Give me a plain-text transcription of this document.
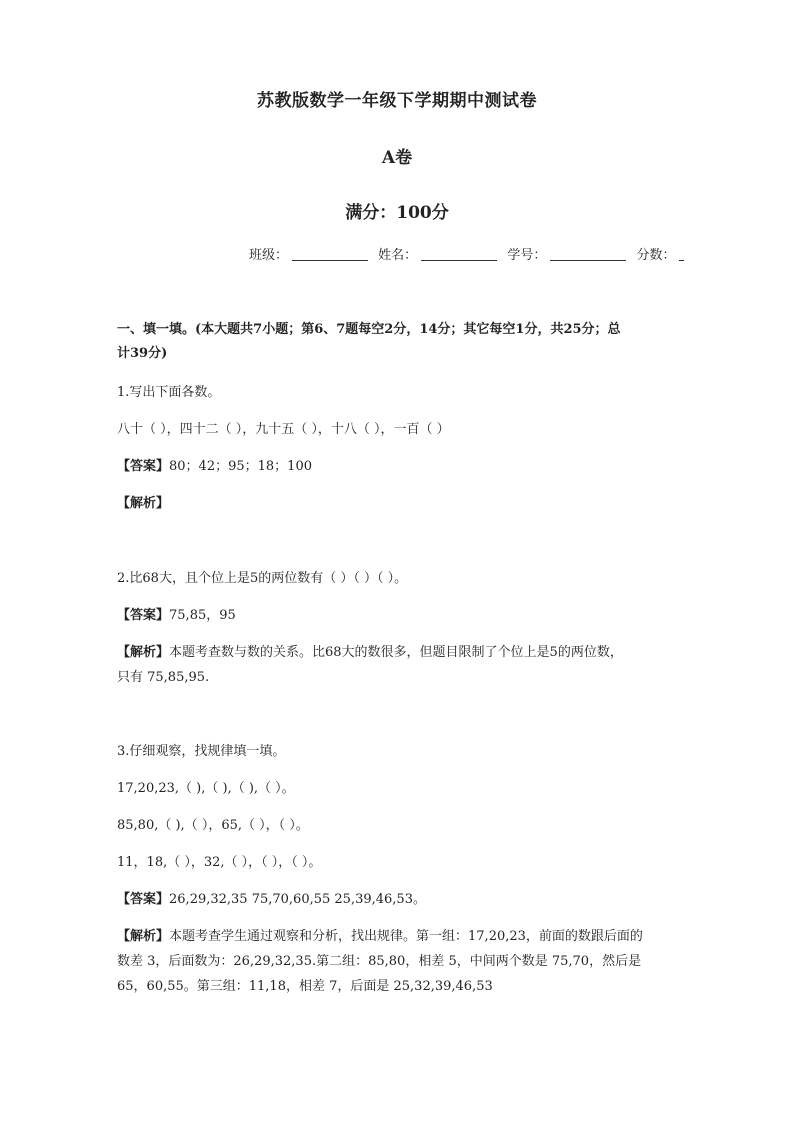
苏教版数学一年级下学期期中测试卷
A卷
满分：100分
班级：	姓名：	学号：	分数：
一、填一填。(本大题共7小题；第6、7题每空2分，14分；其它每空1分，共25分；总
计39分)
1.写出下面各数。
八十（ ），四十二（ ），九十五（ ），十八（ ），一百（ ）
【答案】80；42；95；18；100
【解析】
2.比68大，且个位上是5的两位数有（ ）（ ）（ ）。
【答案】75,85，95
【解析】本题考查数与数的关系。比68大的数很多，但题目限制了个位上是5的两位数，
只有 75,85,95.
3.仔细观察，找规律填一填。
17,20,23,（ ),（ ),（ ),（ ）。
85,80,（ ),（ ），65,（ ），（ ）。
11，18,（ ），32,（ ），（ ），（ ）。
【答案】26,29,32,35 75,70,60,55 25,39,46,53。
【解析】本题考查学生通过观察和分析，找出规律。第一组：17,20,23，前面的数跟后面的
数差 3，后面数为：26,29,32,35.第二组：85,80，相差 5，中间两个数是 75,70，然后是
65，60,55。第三组：11,18，相差 7，后面是 25,32,39,46,53
